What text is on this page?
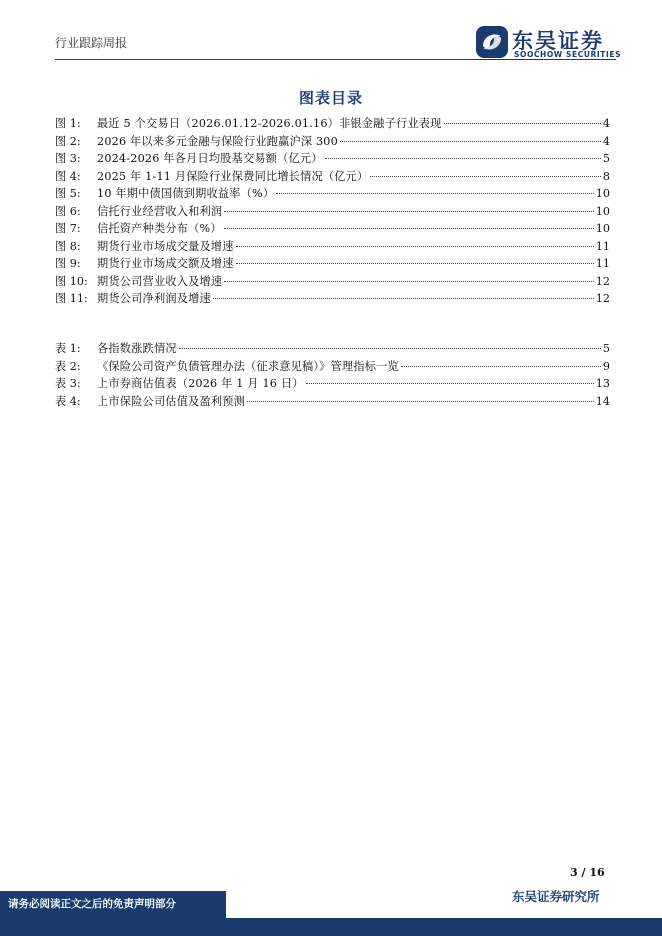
行业跟踪周报	东吴证券
SOOCHOW SECURITIES
图表目录
图 1:	最近 5 个交易日（2026.01.12-2026.01.16）非银金融子行业表现	4
图 2:	2026 年以来多元金融与保险行业跑赢沪深 300	4
图 3:	2024-2026 年各月日均股基交易额（亿元）	5
图 4:	2025 年 1-11 月保险行业保费同比增长情况（亿元）	8
图 5:	10 年期中债国债到期收益率（%）	10
图 6:	信托行业经营收入和利润	10
图 7:	信托资产种类分布（%）	10
图 8:	期货行业市场成交量及增速	11
图 9:	期货行业市场成交额及增速	11
图 10: 期货公司营业收入及增速	12
图 11: 期货公司净利润及增速	12
表 1:	各指数涨跌情况	5
表 2:	《保险公司资产负债管理办法（征求意见稿）》管理指标一览	9
表 3:	上市券商估值表（2026 年 1 月 16 日）	13
表 4:	上市保险公司估值及盈利预测	14
3 / 16
请务必阅读正文之后的免责声明部分	东吴证券研究所
